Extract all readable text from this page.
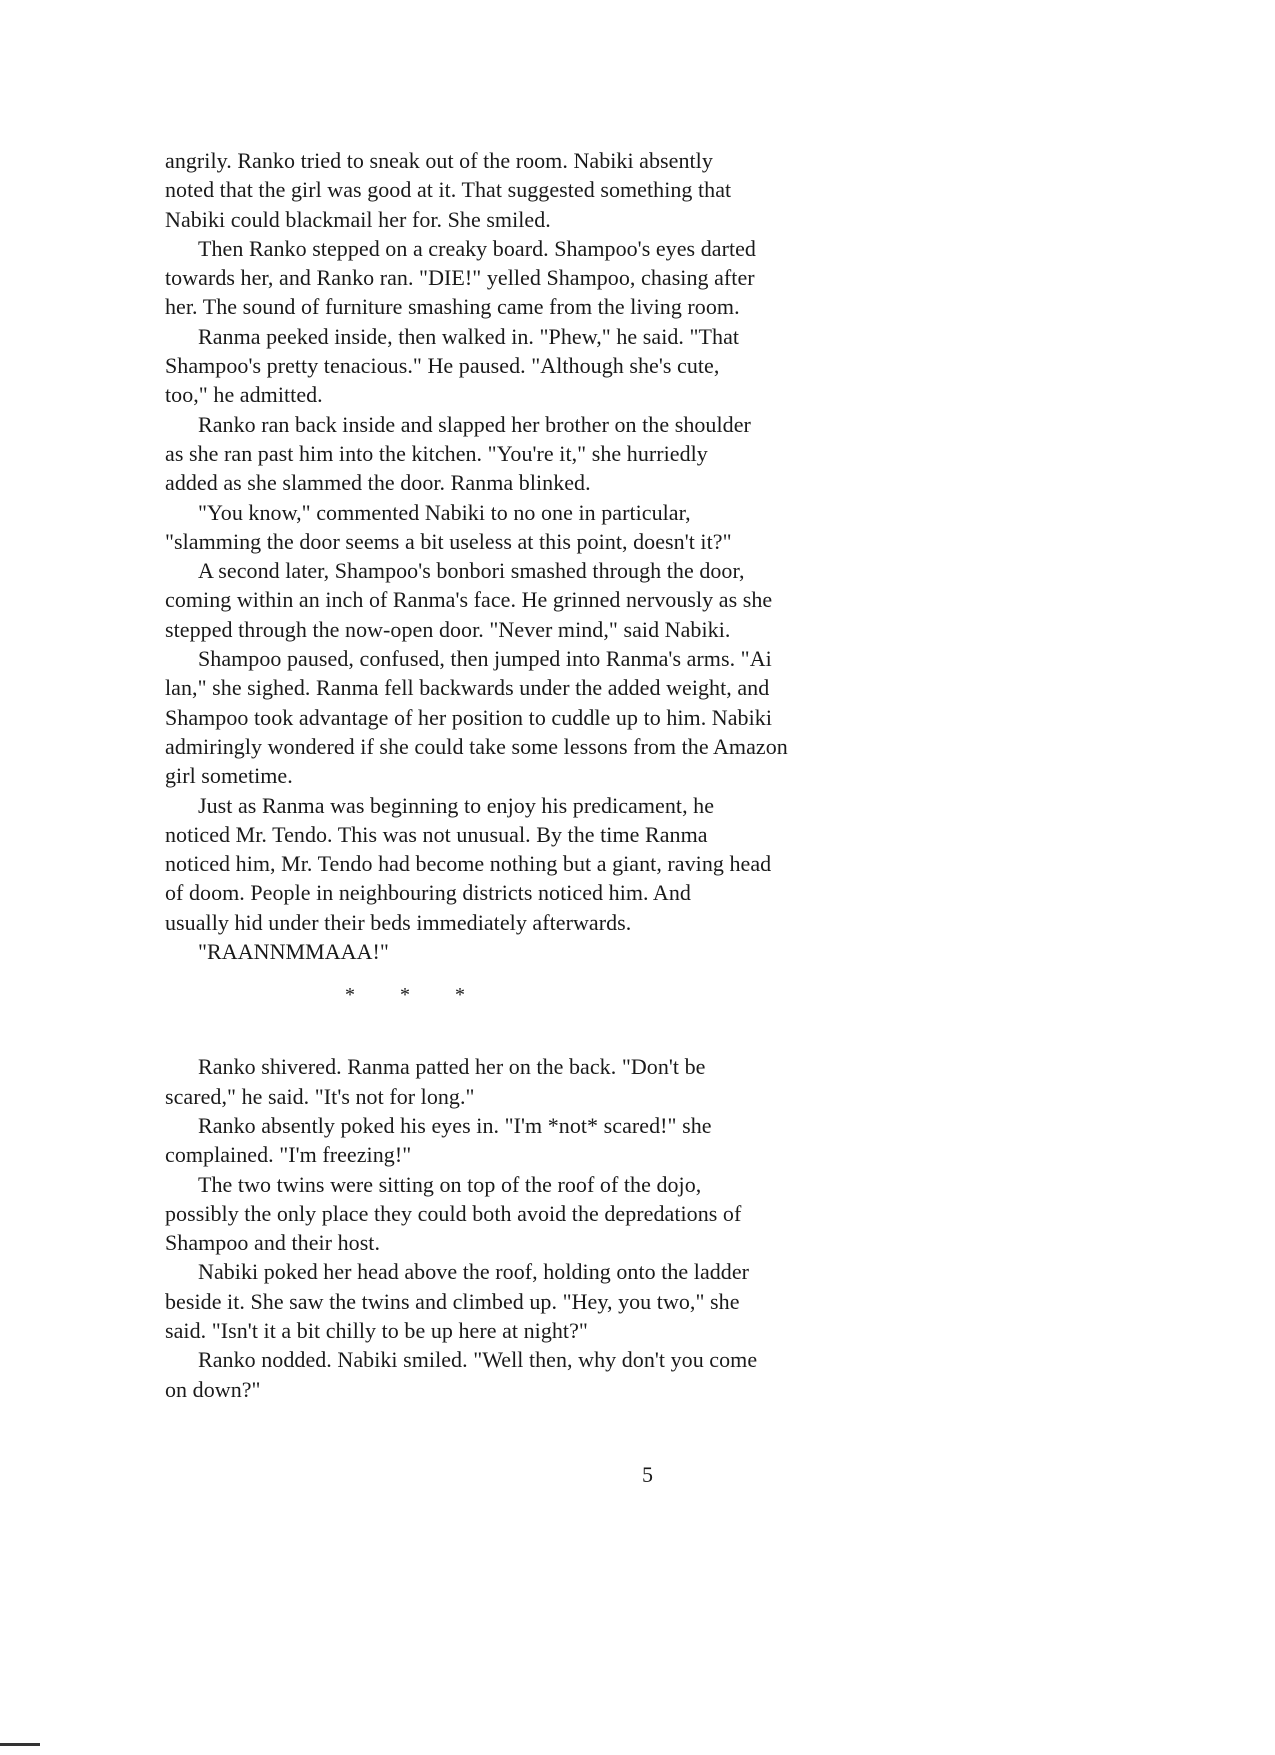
angrily. Ranko tried to sneak out of the room. Nabiki absently

noted that the girl was good at it. That suggested something that

Nabiki could blackmail her for. She smiled.

Then Ranko stepped on a creaky board. Shampoo's eyes darted

towards her, and Ranko ran. "DIE!" yelled Shampoo, chasing after

her. The sound of furniture smashing came from the living room.

Ranma peeked inside, then walked in. "Phew," he said. "That

Shampoo's pretty tenacious." He paused. "Although she's cute,

too," he admitted.

Ranko ran back inside and slapped her brother on the shoulder

as she ran past him into the kitchen. "You're it," she hurriedly

added as she slammed the door. Ranma blinked.

"You know," commented Nabiki to no one in particular,

"slamming the door seems a bit useless at this point, doesn't it?"

A second later, Shampoo's bonbori smashed through the door,

coming within an inch of Ranma's face. He grinned nervously as she

stepped through the now-open door. "Never mind," said Nabiki.

Shampoo paused, confused, then jumped into Ranma's arms. "Ai

lan," she sighed. Ranma fell backwards under the added weight, and

Shampoo took advantage of her position to cuddle up to him. Nabiki

admiringly wondered if she could take some lessons from the Amazon

girl sometime.

Just as Ranma was beginning to enjoy his predicament, he

noticed Mr. Tendo. This was not unusual. By the time Ranma

noticed him, Mr. Tendo had become nothing but a giant, raving head

of doom. People in neighbouring districts noticed him. And

usually hid under their beds immediately afterwards.

"RAANNMMAAA!"

* * *

Ranko shivered. Ranma patted her on the back. "Don't be

scared," he said. "It's not for long."

Ranko absently poked his eyes in. "I'm *not* scared!" she

complained. "I'm freezing!"

The two twins were sitting on top of the roof of the dojo,

possibly the only place they could both avoid the depredations of

Shampoo and their host.

Nabiki poked her head above the roof, holding onto the ladder

beside it. She saw the twins and climbed up. "Hey, you two," she

said. "Isn't it a bit chilly to be up here at night?"

Ranko nodded. Nabiki smiled. "Well then, why don't you come

on down?"

5
